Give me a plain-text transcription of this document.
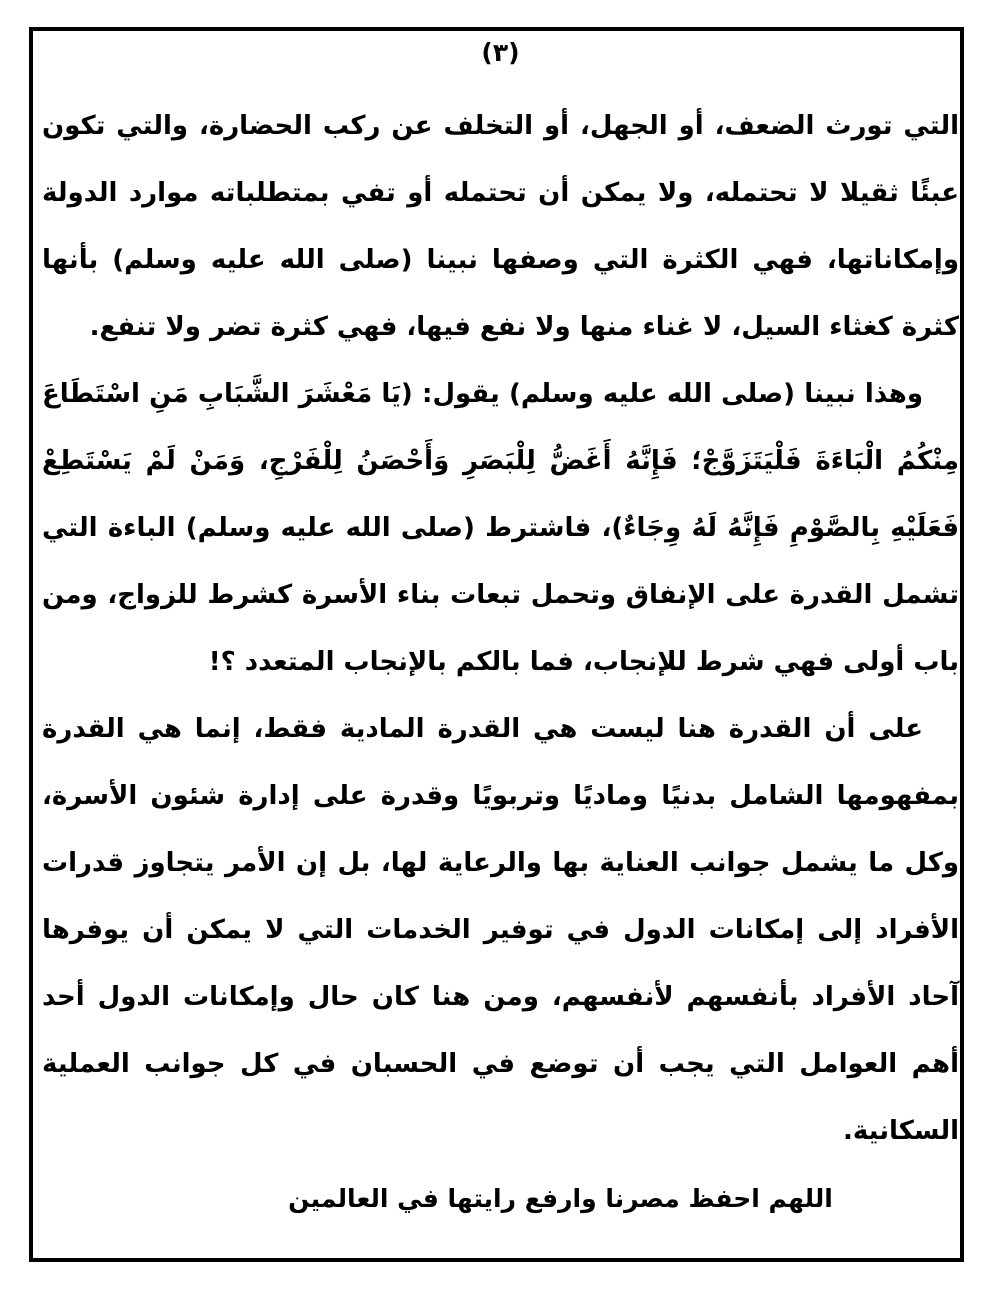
(٣)

التي تورث الضعف، أو الجهل، أو التخلف عن ركب الحضارة، والتي تكون عبئًا ثقيلا لا تحتمله، ولا يمكن أن تحتمله أو تفي بمتطلباته موارد الدولة وإمكاناتها، فهي الكثرة التي وصفها نبينا (صلى الله عليه وسلم) بأنها كثرة كغثاء السيل، لا غناء منها ولا نفع فيها، فهي كثرة تضر ولا تنفع.

وهذا نبينا (صلى الله عليه وسلم) يقول: (يَا مَعْشَرَ الشَّبَابِ مَنِ اسْتَطَاعَ مِنْكُمُ الْبَاءَةَ فَلْيَتَزَوَّجْ؛ فَإِنَّهُ أَغَضُّ لِلْبَصَرِ وَأَحْصَنُ لِلْفَرْجِ، وَمَنْ لَمْ يَسْتَطِعْ فَعَلَيْهِ بِالصَّوْمِ فَإِنَّهُ لَهُ وِجَاءٌ)، فاشترط (صلى الله عليه وسلم) الباءة التي تشمل القدرة على الإنفاق وتحمل تبعات بناء الأسرة كشرط للزواج، ومن باب أولى فهي شرط للإنجاب، فما بالكم بالإنجاب المتعدد ؟!

على أن القدرة هنا ليست هي القدرة المادية فقط، إنما هي القدرة بمفهومها الشامل بدنيًا وماديًا وتربويًا وقدرة على إدارة شئون الأسرة، وكل ما يشمل جوانب العناية بها والرعاية لها، بل إن الأمر يتجاوز قدرات الأفراد إلى إمكانات الدول في توفير الخدمات التي لا يمكن أن يوفرها آحاد الأفراد بأنفسهم لأنفسهم، ومن هنا كان حال وإمكانات الدول أحد أهم العوامل التي يجب أن توضع في الحسبان في كل جوانب العملية السكانية.

اللهم احفظ مصرنا وارفع رايتها في العالمين
